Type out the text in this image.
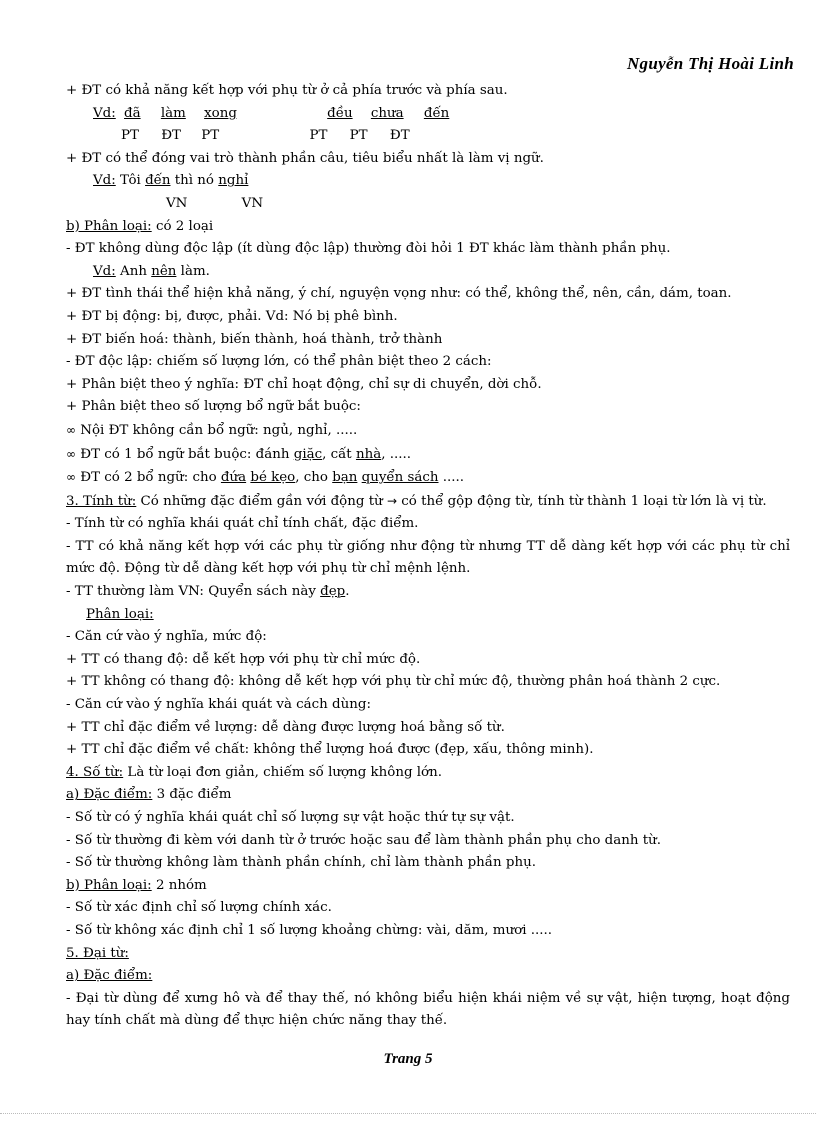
Nguyễn Thị Hoài Linh
+ ĐT có khả năng kết hợp với phụ từ ở cả phía trước và phía sau.
Vd: đã làm xong	đều chưa đến
PT ĐT PT	PT PT ĐT
+ ĐT có thể đóng vai trò thành phần câu, tiêu biểu nhất là làm vị ngữ.
Vd: Tôi đến thì nó nghỉ
VN	VN
b) Phân loại: có 2 loại
- ĐT không dùng độc lập (ít dùng độc lập) thường đòi hỏi 1 ĐT khác làm thành phần phụ.
Vd: Anh nên làm.
+ ĐT tình thái thể hiện khả năng, ý chí, nguyện vọng như: có thể, không thể, nên, cần, dám, toan.
+ ĐT bị động: bị, được, phải. Vd: Nó bị phê bình.
+ ĐT biến hoá: thành, biến thành, hoá thành, trở thành
- ĐT độc lập: chiếm số lượng lớn, có thể phân biệt theo 2 cách:
+ Phân biệt theo ý nghĩa: ĐT chỉ hoạt động, chỉ sự di chuyển, dời chỗ.
+ Phân biệt theo số lượng bổ ngữ bắt buộc:
∞ Nội ĐT không cần bổ ngữ: ngủ, nghỉ, .....
∞ ĐT có 1 bổ ngữ bắt buộc: đánh giặc, cất nhà, .....
∞ ĐT có 2 bổ ngữ: cho đứa bé kẹo, cho bạn quyển sách .....
3. Tính từ: Có những đặc điểm gần với động từ → có thể gộp động từ, tính từ thành 1 loại từ lớn là vị từ.
- Tính từ có nghĩa khái quát chỉ tính chất, đặc điểm.
- TT có khả năng kết hợp với các phụ từ giống như động từ nhưng TT dễ dàng kết hợp với các phụ từ chỉ mức độ. Động từ dễ dàng kết hợp với phụ từ chỉ mệnh lệnh.
- TT thường làm VN: Quyển sách này đẹp.
Phân loại:
- Căn cứ vào ý nghĩa, mức độ:
+ TT có thang độ: dễ kết hợp với phụ từ chỉ mức độ.
+ TT không có thang độ: không dễ kết hợp với phụ từ chỉ mức độ, thường phân hoá thành 2 cực.
- Căn cứ vào ý nghĩa khái quát và cách dùng:
+ TT chỉ đặc điểm về lượng: dễ dàng được lượng hoá bằng số từ.
+ TT chỉ đặc điểm về chất: không thể lượng hoá được (đẹp, xấu, thông minh).
4. Số từ: Là từ loại đơn giản, chiếm số lượng không lớn.
a) Đặc điểm: 3 đặc điểm
- Số từ có ý nghĩa khái quát chỉ số lượng sự vật hoặc thứ tự sự vật.
- Số từ thường đi kèm với danh từ ở trước hoặc sau để làm thành phần phụ cho danh từ.
- Số từ thường không làm thành phần chính, chỉ làm thành phần phụ.
b) Phân loại: 2 nhóm
- Số từ xác định chỉ số lượng chính xác.
- Số từ không xác định chỉ 1 số lượng khoảng chừng: vài, dăm, mươi .....
5. Đại từ:
a) Đặc điểm:
- Đại từ dùng để xưng hô và để thay thế, nó không biểu hiện khái niệm về sự vật, hiện tượng, hoạt động hay tính chất mà dùng để thực hiện chức năng thay thế.
Trang 5
